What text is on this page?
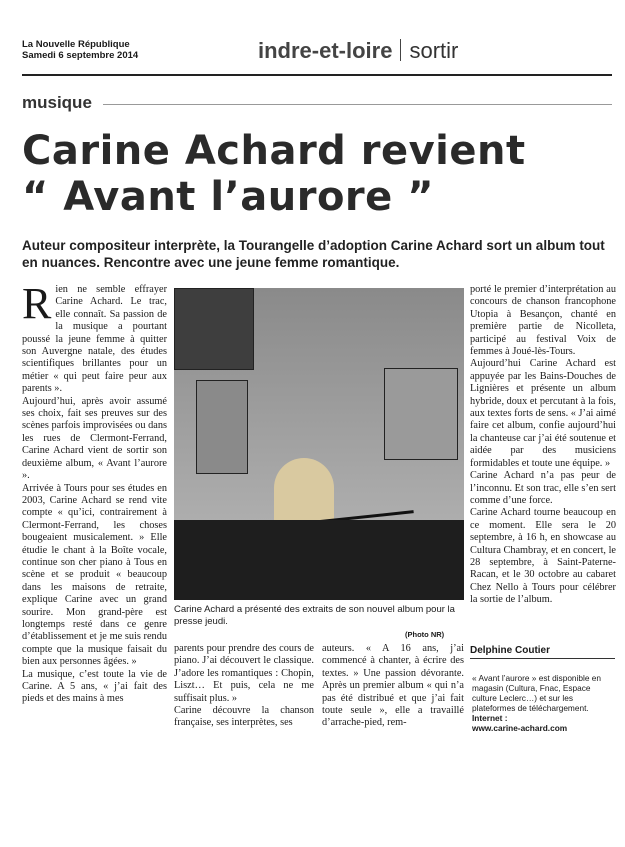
La Nouvelle République
Samedi 6 septembre 2014	indre-et-loire sortir
musique
Carine Achard revient
“ Avant l’aurore ”
Auteur compositeur interprète, la Tourangelle d’adoption Carine Achard sort un album tout en nuances. Rencontre avec une jeune femme romantique.
R ien ne semble effrayer Carine Achard. Le trac, elle connaît. Sa passion de la musique a pourtant poussé la jeune femme à quitter son Auvergne natale, des études scientifiques brillantes pour un métier « qui peut faire peur aux parents ».

Aujourd’hui, après avoir assumé ses choix, fait ses preuves sur des scènes parfois improvisées ou dans les rues de Clermont-Ferrand, Carine Achard vient de sortir son deuxième album, « Avant l’aurore ».

Arrivée à Tours pour ses études en 2003, Carine Achard se rend vite compte « qu’ici, contrairement à Clermont-Ferrand, les choses bougeaient musicalement. » Elle étudie le chant à la Boîte vocale, continue son cher piano à Tous en scène et se produit « beaucoup dans les maisons de retraite, explique Carine avec un grand sourire. Mon grand-père est longtemps resté dans ce genre d’établissement et je me suis rendu compte que la musique faisait du bien aux personnes âgées. »

La musique, c’est toute la vie de Carine. A 5 ans, « j’ai fait des pieds et des mains à mes

Carine Achard a présenté des extraits de son nouvel album pour la presse jeudi.
(Photo NR)

parents pour prendre des cours de piano. J’ai découvert le classique. J’adore les romantiques : Chopin, Liszt… Et puis, cela ne me suffisait plus. »

Carine découvre la chanson française, ses interprètes, ses

auteurs. « A 16 ans, j’ai commencé à chanter, à écrire des textes. » Une passion dévorante. Après un premier album « qui n’a pas été distribué et que j’ai fait toute seule », elle a travaillé d’arrache-pied, rem-

porté le premier d’interprétation au concours de chanson francophone Utopia à Besançon, chanté en première partie de Nicolleta, participé au festival Voix de femmes à Joué-lès-Tours.

Aujourd’hui Carine Achard est appuyée par les Bains-Douches de Lignières et présente un album hybride, doux et percutant à la fois, aux textes forts de sens. « J’ai aimé faire cet album, confie aujourd’hui la chanteuse car j’ai été soutenue et aidée par des musiciens formidables et toute une équipe. »

Carine Achard n’a pas peur de l’inconnu. Et son trac, elle s’en sert comme d’une force.

Carine Achard tourne beaucoup en ce moment. Elle sera le 20 septembre, à 16 h, en showcase au Cultura Chambray, et en concert, le 28 septembre, à Saint-Paterne-Racan, et le 30 octobre au cabaret Chez Nello à Tours pour célébrer la sortie de l’album.

Delphine Coutier
« Avant l’aurore » est disponible en magasin (Cultura, Fnac, Espace culture Leclerc…) et sur les plateformes de téléchargement. Internet :
www.carine-achard.com
